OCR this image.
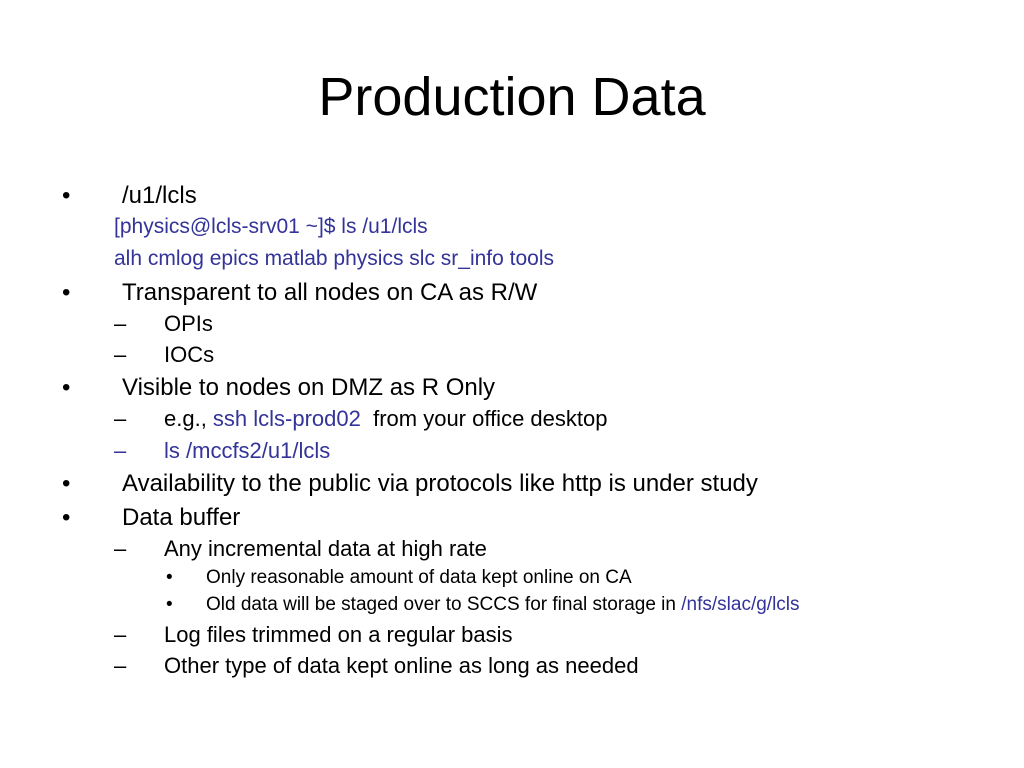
Production Data
• /u1/lcls
[physics@lcls-srv01 ~]$ ls /u1/lcls
alh cmlog epics matlab physics slc sr_info tools
• Transparent to all nodes on CA as R/W
– OPIs
– IOCs
• Visible to nodes on DMZ as R Only
– e.g., ssh lcls-prod02  from your office desktop
– ls /mccfs2/u1/lcls
• Availability to the public via protocols like http is under study
• Data buffer
– Any incremental data at high rate
• Only reasonable amount of data kept online on CA
• Old data will be staged over to SCCS for final storage in /nfs/slac/g/lcls
– Log files trimmed on a regular basis
– Other type of data kept online as long as needed
